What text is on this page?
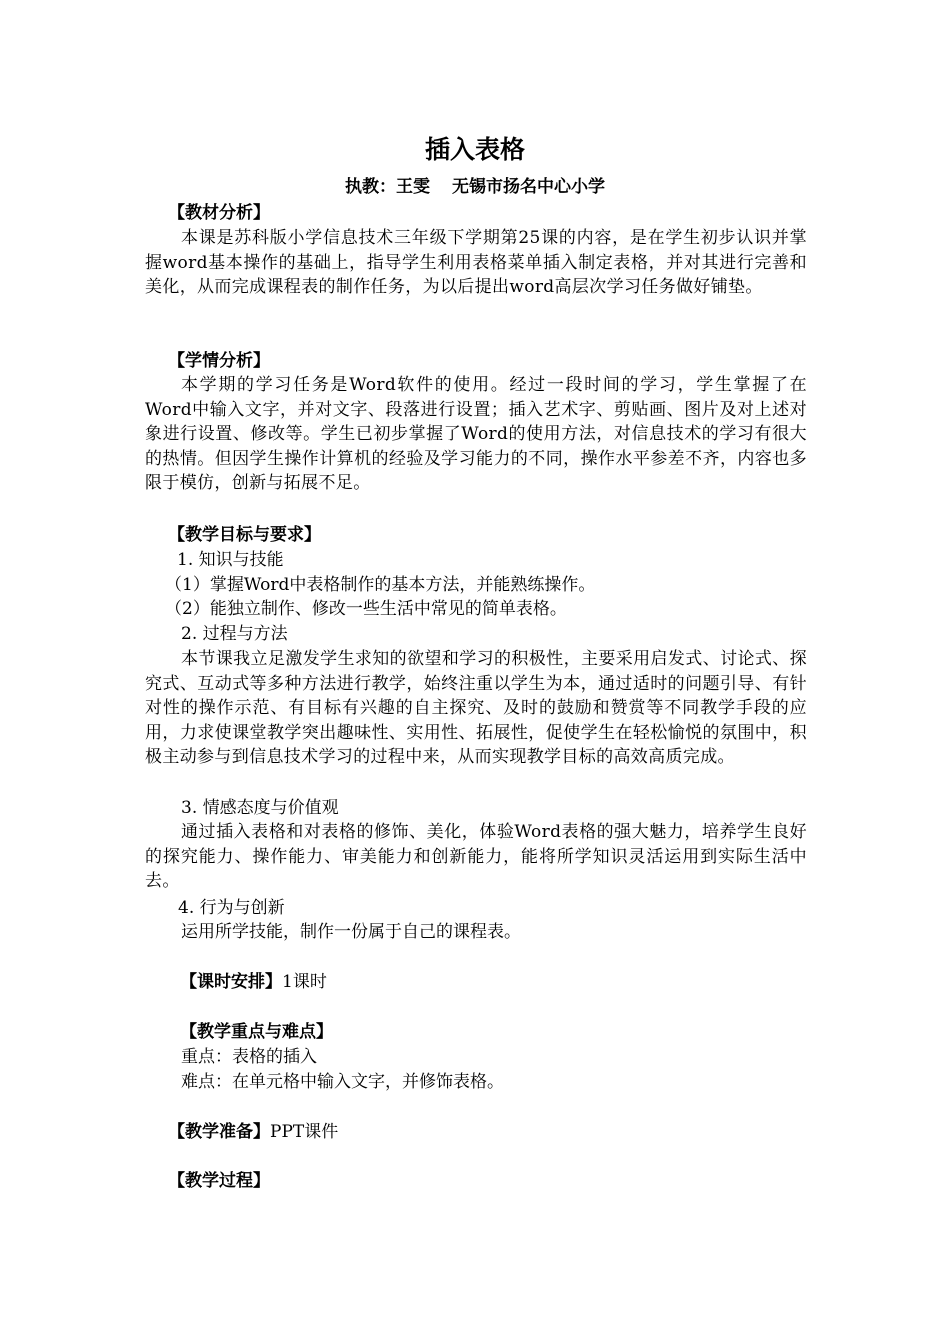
插入表格
执教：王雯 无锡市扬名中心小学
【教材分析】
本课是苏科版小学信息技术三年级下学期第25课的内容，是在学生初步认识并掌握word基本操作的基础上，指导学生利用表格菜单插入制定表格，并对其进行完善和美化，从而完成课程表的制作任务，为以后提出word高层次学习任务做好铺垫。
【学情分析】
本学期的学习任务是Word软件的使用。经过一段时间的学习，学生掌握了在Word中输入文字，并对文字、段落进行设置；插入艺术字、剪贴画、图片及对上述对象进行设置、修改等。学生已初步掌握了Word的使用方法，对信息技术的学习有很大的热情。但因学生操作计算机的经验及学习能力的不同，操作水平参差不齐，内容也多限于模仿，创新与拓展不足。
【教学目标与要求】
1. 知识与技能
（1）掌握Word中表格制作的基本方法，并能熟练操作。
（2）能独立制作、修改一些生活中常见的简单表格。
2. 过程与方法
本节课我立足激发学生求知的欲望和学习的积极性，主要采用启发式、讨论式、探究式、互动式等多种方法进行教学，始终注重以学生为本，通过适时的问题引导、有针对性的操作示范、有目标有兴趣的自主探究、及时的鼓励和赞赏等不同教学手段的应用，力求使课堂教学突出趣味性、实用性、拓展性，促使学生在轻松愉悦的氛围中，积极主动参与到信息技术学习的过程中来，从而实现教学目标的高效高质完成。
3. 情感态度与价值观
通过插入表格和对表格的修饰、美化，体验Word表格的强大魅力，培养学生良好的探究能力、操作能力、审美能力和创新能力，能将所学知识灵活运用到实际生活中去。
4. 行为与创新
运用所学技能，制作一份属于自己的课程表。
【课时安排】1课时
【教学重点与难点】
重点：表格的插入
难点：在单元格中输入文字，并修饰表格。
【教学准备】PPT课件
【教学过程】
